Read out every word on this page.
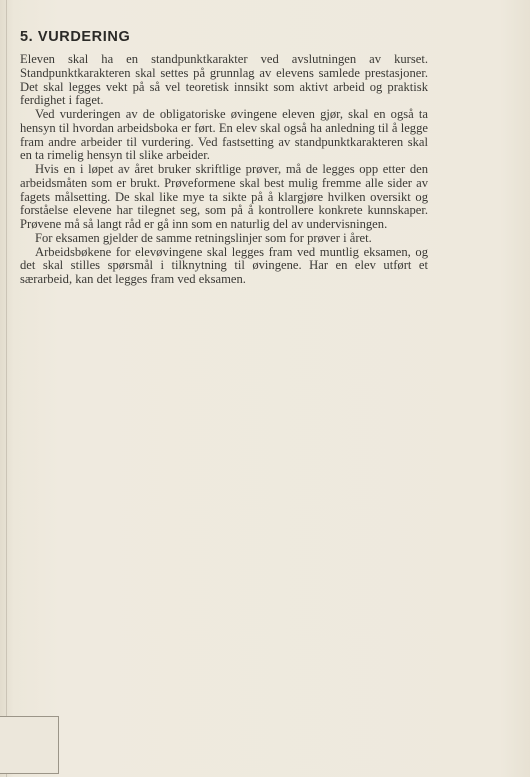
5. VURDERING

Eleven skal ha en standpunktkarakter ved avslutningen av kurset. Standpunktkarakteren skal settes på grunnlag av elevens samlede prestasjoner. Det skal legges vekt på så vel teoretisk innsikt som aktivt arbeid og praktisk ferdighet i faget.

Ved vurderingen av de obligatoriske øvingene eleven gjør, skal en også ta hensyn til hvordan arbeidsboka er ført. En elev skal også ha anledning til å legge fram andre arbeider til vurdering. Ved fastsetting av standpunktkarakteren skal en ta rimelig hensyn til slike arbeider.

Hvis en i løpet av året bruker skriftlige prøver, må de legges opp etter den arbeidsmåten som er brukt. Prøveformene skal best mulig fremme alle sider av fagets målsetting. De skal like mye ta sikte på å klargjøre hvilken oversikt og forståelse elevene har tilegnet seg, som på å kontrollere konkrete kunnskaper. Prøvene må så langt råd er gå inn som en naturlig del av undervisningen.

For eksamen gjelder de samme retningslinjer som for prøver i året.

Arbeidsbøkene for elevøvingene skal legges fram ved muntlig eksamen, og det skal stilles spørsmål i tilknytning til øvingene. Har en elev utført et særarbeid, kan det legges fram ved eksamen.
